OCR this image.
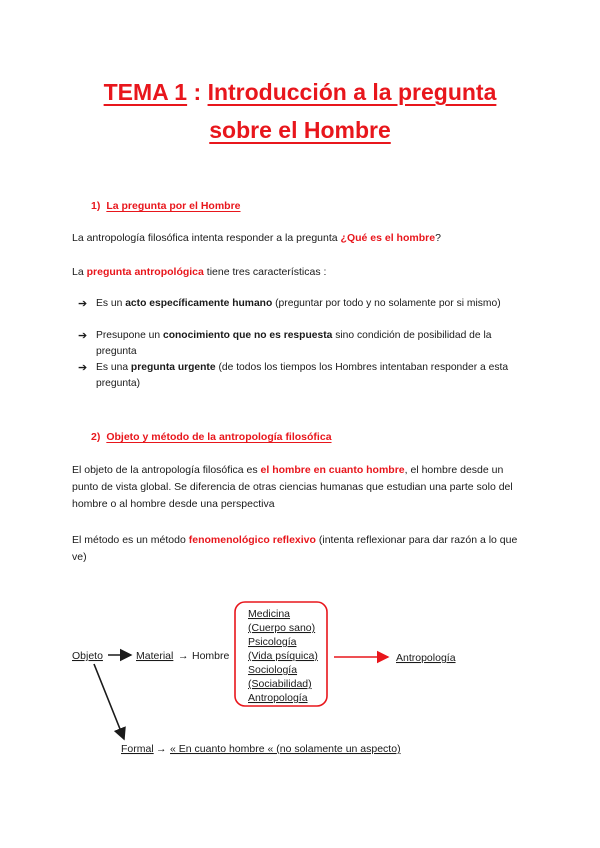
TEMA 1 : Introducción a la pregunta
sobre el Hombre
1) La pregunta por el Hombre
La antropología filosófica intenta responder a la pregunta ¿Qué es el hombre?
La pregunta antropológica tiene tres características :
➔ Es un acto específicamente humano (preguntar por todo y no solamente por si mismo)
➔ Presupone un conocimiento que no es respuesta sino condición de posibilidad de la pregunta
➔ Es una pregunta urgente (de todos los tiempos los Hombres intentaban responder a esta pregunta)
2) Objeto y método de la antropología filosófica
El objeto de la antropología filosófica es el hombre en cuanto hombre, el hombre desde un punto de vista global. Se diferencia de otras ciencias humanas que estudian una parte solo del hombre o al hombre desde una perspectiva
El método es un método fenomenológico reflexivo (intenta reflexionar para dar razón a lo que ve)
Objeto	Material → Hombre
Medicina
(Cuerpo sano)
Psicología
(Vida psíquica)
Sociología
(Sociabilidad)
Antropología
Antropología
Formal → « En cuanto hombre « (no solamente un aspecto)
